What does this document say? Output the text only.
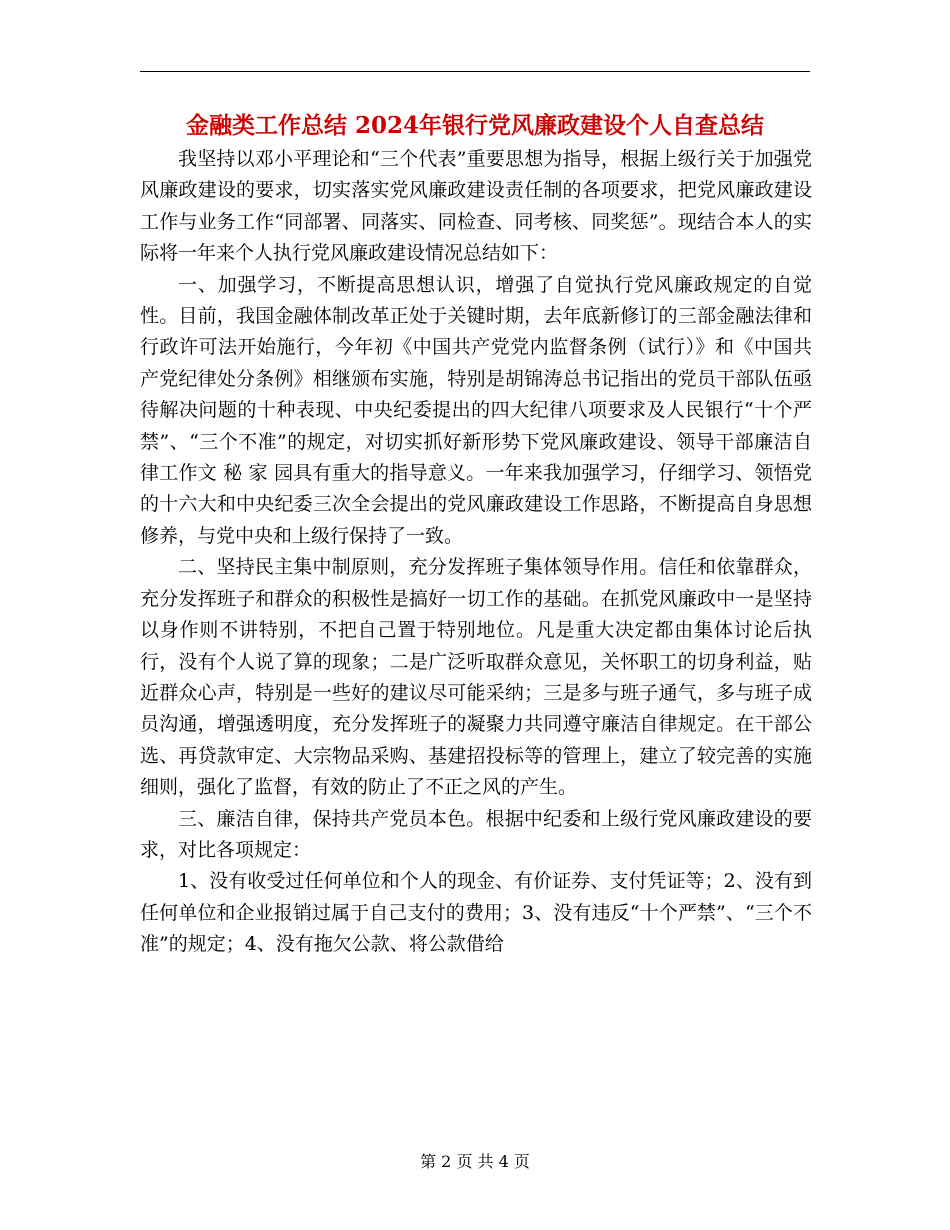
金融类工作总结 2024年银行党风廉政建设个人自查总结

我坚持以邓小平理论和“三个代表”重要思想为指导，根据上级行关于加强党风廉政建设的要求，切实落实党风廉政建设责任制的各项要求，把党风廉政建设工作与业务工作“同部署、同落实、同检查、同考核、同奖惩”。现结合本人的实际将一年来个人执行党风廉政建设情况总结如下：

一、加强学习，不断提高思想认识，增强了自觉执行党风廉政规定的自觉性。目前，我国金融体制改革正处于关键时期，去年底新修订的三部金融法律和行政许可法开始施行，今年初《中国共产党党内监督条例（试行）》和《中国共产党纪律处分条例》相继颁布实施，特别是胡锦涛总书记指出的党员干部队伍亟待解决问题的十种表现、中央纪委提出的四大纪律八项要求及人民银行“十个严禁”、“三个不准”的规定，对切实抓好新形势下党风廉政建设、领导干部廉洁自律工作文 秘 家 园具有重大的指导意义。一年来我加强学习，仔细学习、领悟党的十六大和中央纪委三次全会提出的党风廉政建设工作思路，不断提高自身思想修养，与党中央和上级行保持了一致。

二、坚持民主集中制原则，充分发挥班子集体领导作用。信任和依靠群众，充分发挥班子和群众的积极性是搞好一切工作的基础。在抓党风廉政中一是坚持以身作则不讲特别，不把自己置于特别地位。凡是重大决定都由集体讨论后执行，没有个人说了算的现象；二是广泛听取群众意见，关怀职工的切身利益，贴近群众心声，特别是一些好的建议尽可能采纳；三是多与班子通气，多与班子成员沟通，增强透明度，充分发挥班子的凝聚力共同遵守廉洁自律规定。在干部公选、再贷款审定、大宗物品采购、基建招投标等的管理上，建立了较完善的实施细则，强化了监督，有效的防止了不正之风的产生。

三、廉洁自律，保持共产党员本色。根据中纪委和上级行党风廉政建设的要求，对比各项规定：

1、没有收受过任何单位和个人的现金、有价证券、支付凭证等；2、没有到任何单位和企业报销过属于自己支付的费用；3、没有违反“十个严禁”、“三个不准”的规定；4、没有拖欠公款、将公款借给

第 2 页 共 4 页
